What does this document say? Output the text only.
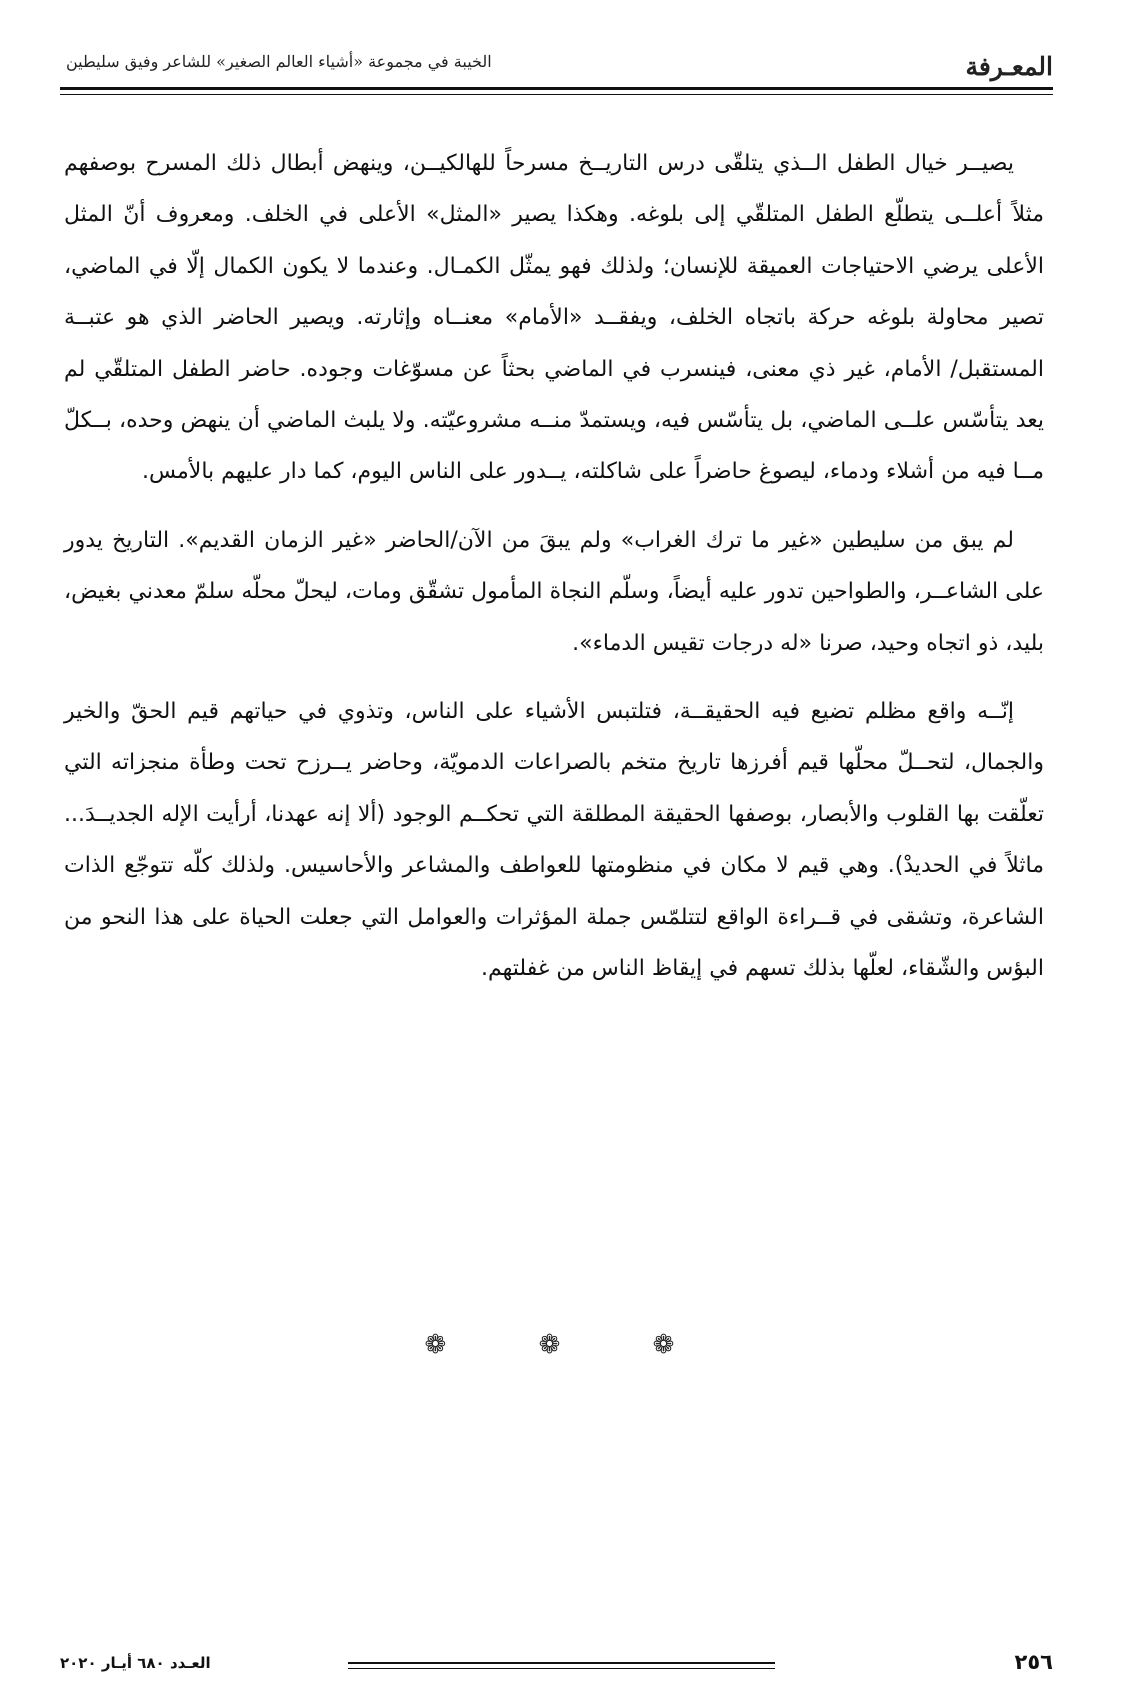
المعـرفة
الخيبة في مجموعة «أشياء العالم الصغير» للشاعر وفيق سليطين

يصيــر خيال الطفل الــذي يتلقّى درس التاريــخ مسرحاً للهالكيــن، وينهض أبطال ذلك المسرح بوصفهم مثلاً أعلــى يتطلّع الطفل المتلقّي إلى بلوغه. وهكذا يصير «المثل» الأعلى في الخلف. ومعروف أنّ المثل الأعلى يرضي الاحتياجات العميقة للإنسان؛ ولذلك فهو يمثّل الكمـال. وعندما لا يكون الكمال إلّا في الماضي، تصير محاولة بلوغه حركة باتجاه الخلف، ويفقــد «الأمام» معنــاه وإثارته. ويصير الحاضر الذي هو عتبــة المستقبل/ الأمام، غير ذي معنى، فينسرب في الماضي بحثاً عن مسوّغات وجوده. حاضر الطفل المتلقّي لم يعد يتأسّس علــى الماضي، بل يتأسّس فيه، ويستمدّ منــه مشروعيّته. ولا يلبث الماضي أن ينهض وحده، بــكلّ مــا فيه من أشلاء ودماء، ليصوغ حاضراً على شاكلته، يــدور على الناس اليوم، كما دار عليهم بالأمس.

لم يبق من سليطين «غير ما ترك الغراب» ولم يبقَ من الآن/الحاضر «غير الزمان القديم». التاريخ يدور على الشاعــر، والطواحين تدور عليه أيضاً، وسلّم النجاة المأمول تشقّق ومات، ليحلّ محلّه سلمّ معدني بغيض، بليد، ذو اتجاه وحيد، صرنا «له درجات تقيس الدماء».

إنّــه واقع مظلم تضيع فيه الحقيقــة، فتلتبس الأشياء على الناس، وتذوي في حياتهم قيم الحقّ والخير والجمال، لتحــلّ محلّها قيم أفرزها تاريخ متخم بالصراعات الدمويّة، وحاضر يــرزح تحت وطأة منجزاته التي تعلّقت بها القلوب والأبصار، بوصفها الحقيقة المطلقة التي تحكــم الوجود (ألا إنه عهدنا، أرأيت الإله الجديــدَ... ماثلاً في الحديدْ). وهي قيم لا مكان في منظومتها للعواطف والمشاعر والأحاسيس. ولذلك كلّه تتوجّع الذات الشاعرة، وتشقى في قــراءة الواقع لتتلمّس جملة المؤثرات والعوامل التي جعلت الحياة على هذا النحو من البؤس والشّقاء، لعلّها بذلك تسهم في إيقاظ الناس من غفلتهم.

❁ ❁ ❁
٢٥٦
العـدد ٦٨٠ أيـار ٢٠٢٠
